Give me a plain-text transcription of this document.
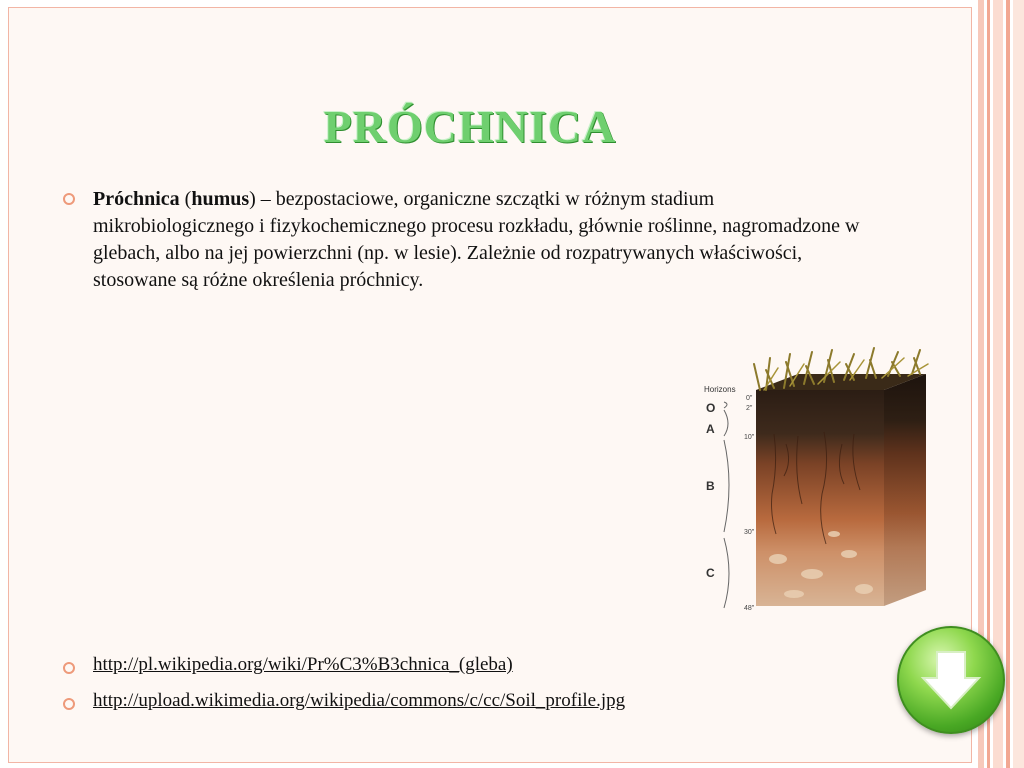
PRÓCHNICA
Próchnica (humus) – bezpostaciowe, organiczne szczątki w różnym stadium mikrobiologicznego i fizykochemicznego procesu rozkładu, głównie roślinne, nagromadzone w glebach, albo na jej powierzchni (np. w lesie). Zależnie od rozpatrywanych właściwości, stosowane są różne określenia próchnicy.
Horizons
O
A
B
C
0"
2"
10"
30"
48"
http://pl.wikipedia.org/wiki/Pr%C3%B3chnica_(gleba)
http://upload.wikimedia.org/wikipedia/commons/c/cc/Soil_profile.jpg
